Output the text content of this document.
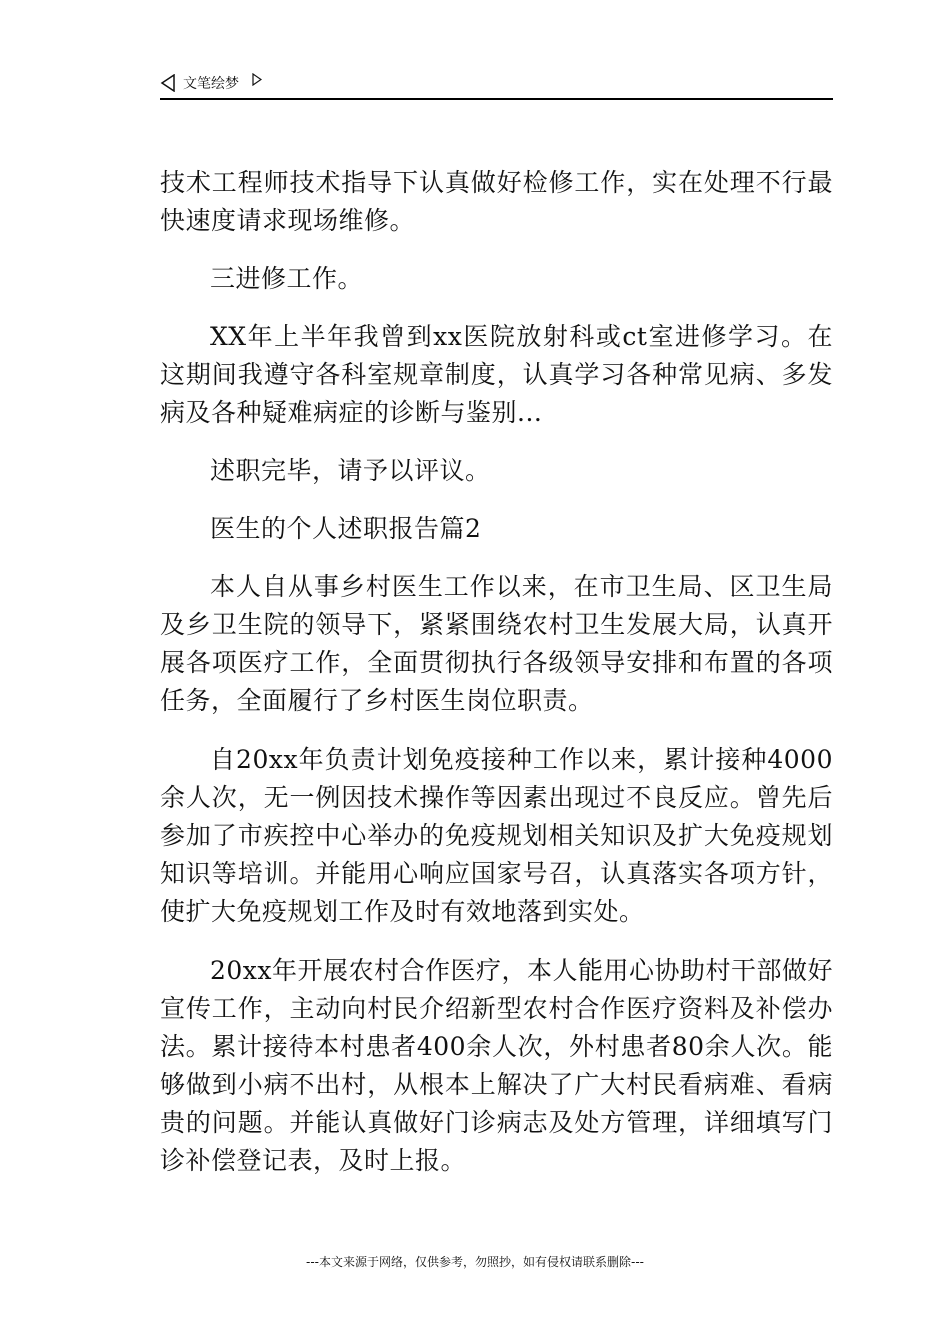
文笔绘梦

技术工程师技术指导下认真做好检修工作，实在处理不行最快速度请求现场维修。

三进修工作。

XX年上半年我曾到xx医院放射科或ct室进修学习。在这期间我遵守各科室规章制度，认真学习各种常见病、多发病及各种疑难病症的诊断与鉴别...

述职完毕，请予以评议。

医生的个人述职报告篇2

本人自从事乡村医生工作以来，在市卫生局、区卫生局及乡卫生院的领导下，紧紧围绕农村卫生发展大局，认真开展各项医疗工作，全面贯彻执行各级领导安排和布置的各项任务，全面履行了乡村医生岗位职责。

自20xx年负责计划免疫接种工作以来，累计接种4000余人次，无一例因技术操作等因素出现过不良反应。曾先后参加了市疾控中心举办的免疫规划相关知识及扩大免疫规划知识等培训。并能用心响应国家号召，认真落实各项方针，使扩大免疫规划工作及时有效地落到实处。

20xx年开展农村合作医疗，本人能用心协助村干部做好宣传工作，主动向村民介绍新型农村合作医疗资料及补偿办法。累计接待本村患者400余人次，外村患者80余人次。能够做到小病不出村，从根本上解决了广大村民看病难、看病贵的问题。并能认真做好门诊病志及处方管理，详细填写门诊补偿登记表，及时上报。

---本文来源于网络，仅供参考，勿照抄，如有侵权请联系删除---
